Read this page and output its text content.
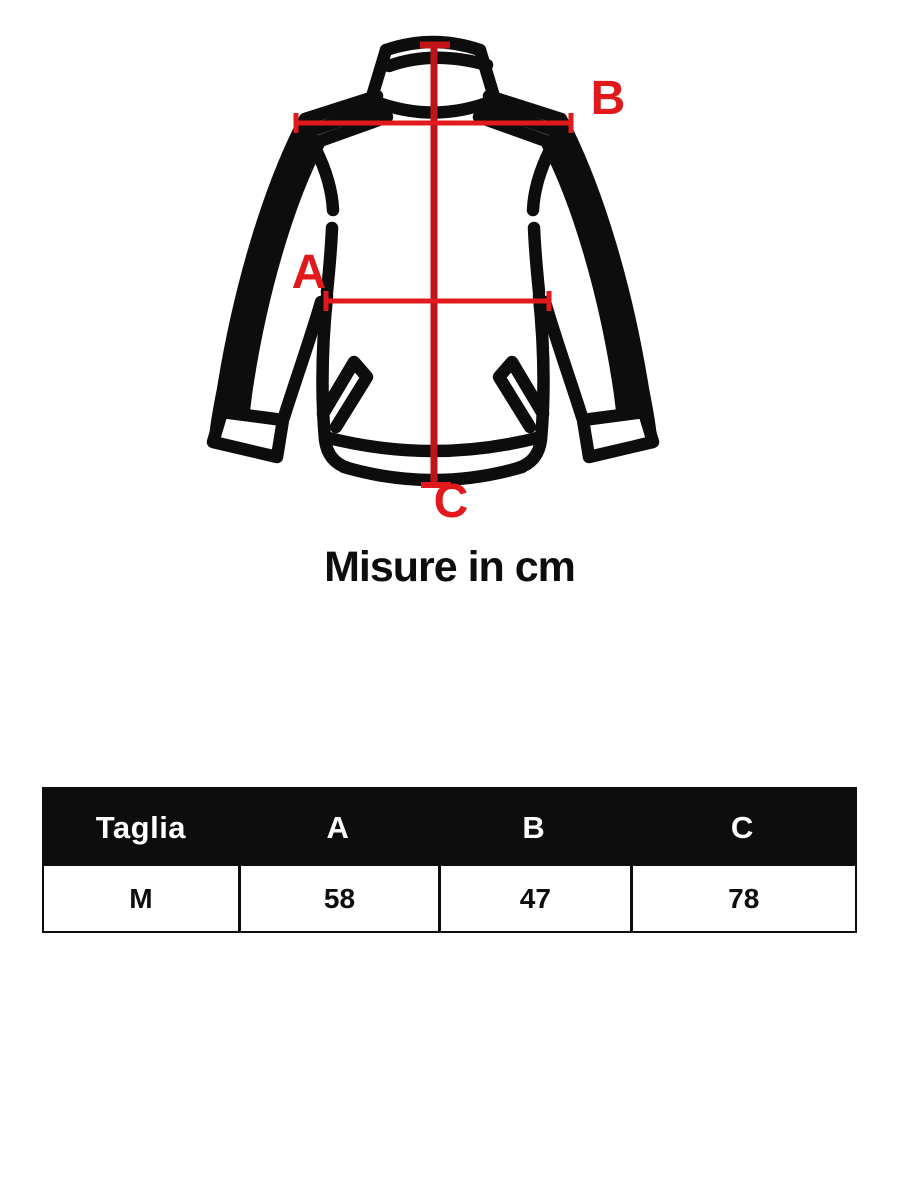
A
B
C
Misure in cm
Taglia	A	B	C
M	58	47	78
